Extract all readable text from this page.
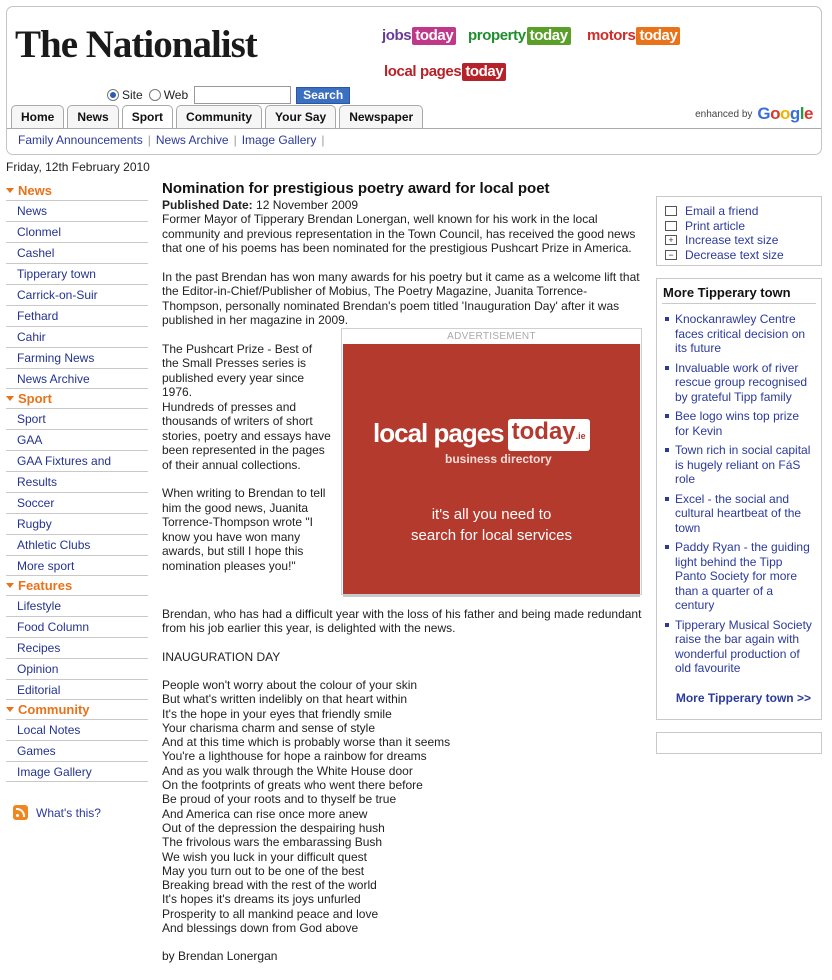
The Nationalist	jobs today property today motors today
local pages today
Site Web	Search
Home	News	Sport	Community	Your Say	Newspaper	enhanced by Google
Family Announcements | News Archive | Image Gallery |
Friday, 12th February 2010
News
News
Clonmel
Cashel
Tipperary town
Carrick-on-Suir
Fethard
Cahir
Farming News
News Archive
Sport
Sport
GAA
GAA Fixtures and
Results
Soccer
Rugby
Athletic Clubs
More sport
Features
Lifestyle
Food Column
Recipes
Opinion
Editorial
Community
Local Notes
Games
Image Gallery
What's this?
Nomination for prestigious poetry award for local poet
Published Date: 12 November 2009

Former Mayor of Tipperary Brendan Lonergan, well known for his work in the local community and previous representation in the Town Council, has received the good news that one of his poems has been nominated for the prestigious Pushcart Prize in America.

In the past Brendan has won many awards for his poetry but it came as a welcome lift that the Editor-in-Chief/Publisher of Mobius, The Poetry Magazine, Juanita Torrence-Thompson, personally nominated Brendan's poem titled 'Inauguration Day' after it was published in her magazine in 2009.

ADVERTISEMENT
local pages today.ie
business directory
it's all you need to
search for local services

The Pushcart Prize - Best of the Small Presses series is published every year since 1976.
Hundreds of presses and thousands of writers of short stories, poetry and essays have been represented in the pages of their annual collections.

When writing to Brendan to tell him the good news, Juanita Torrence-Thompson wrote "I know you have won many awards, but still I hope this nomination pleases you!"

Brendan, who has had a difficult year with the loss of his father and being made redundant from his job earlier this year, is delighted with the news.

INAUGURATION DAY

People won't worry about the colour of your skin
But what's written indelibly on that heart within
It's the hope in your eyes that friendly smile
Your charisma charm and sense of style
And at this time which is probably worse than it seems
You're a lighthouse for hope a rainbow for dreams
And as you walk through the White House door
On the footprints of greats who went there before
Be proud of your roots and to thyself be true
And America can rise once more anew
Out of the depression the despairing hush
The frivolous wars the embarassing Bush
We wish you luck in your difficult quest
May you turn out to be one of the best
Breaking bread with the rest of the world
It's hopes it's dreams its joys unfurled
Prosperity to all mankind peace and love
And blessings down from God above

by Brendan Lonergan

Email a friend
Print article
+ Increase text size
− Decrease text size
More Tipperary town
Knockanrawley Centre faces critical decision on its future
Invaluable work of river rescue group recognised by grateful Tipp family
Bee logo wins top prize for Kevin
Town rich in social capital is hugely reliant on FáS role
Excel - the social and cultural heartbeat of the town
Paddy Ryan - the guiding light behind the Tipp Panto Society for more than a quarter of a century
Tipperary Musical Society raise the bar again with wonderful production of old favourite
More Tipperary town >>
